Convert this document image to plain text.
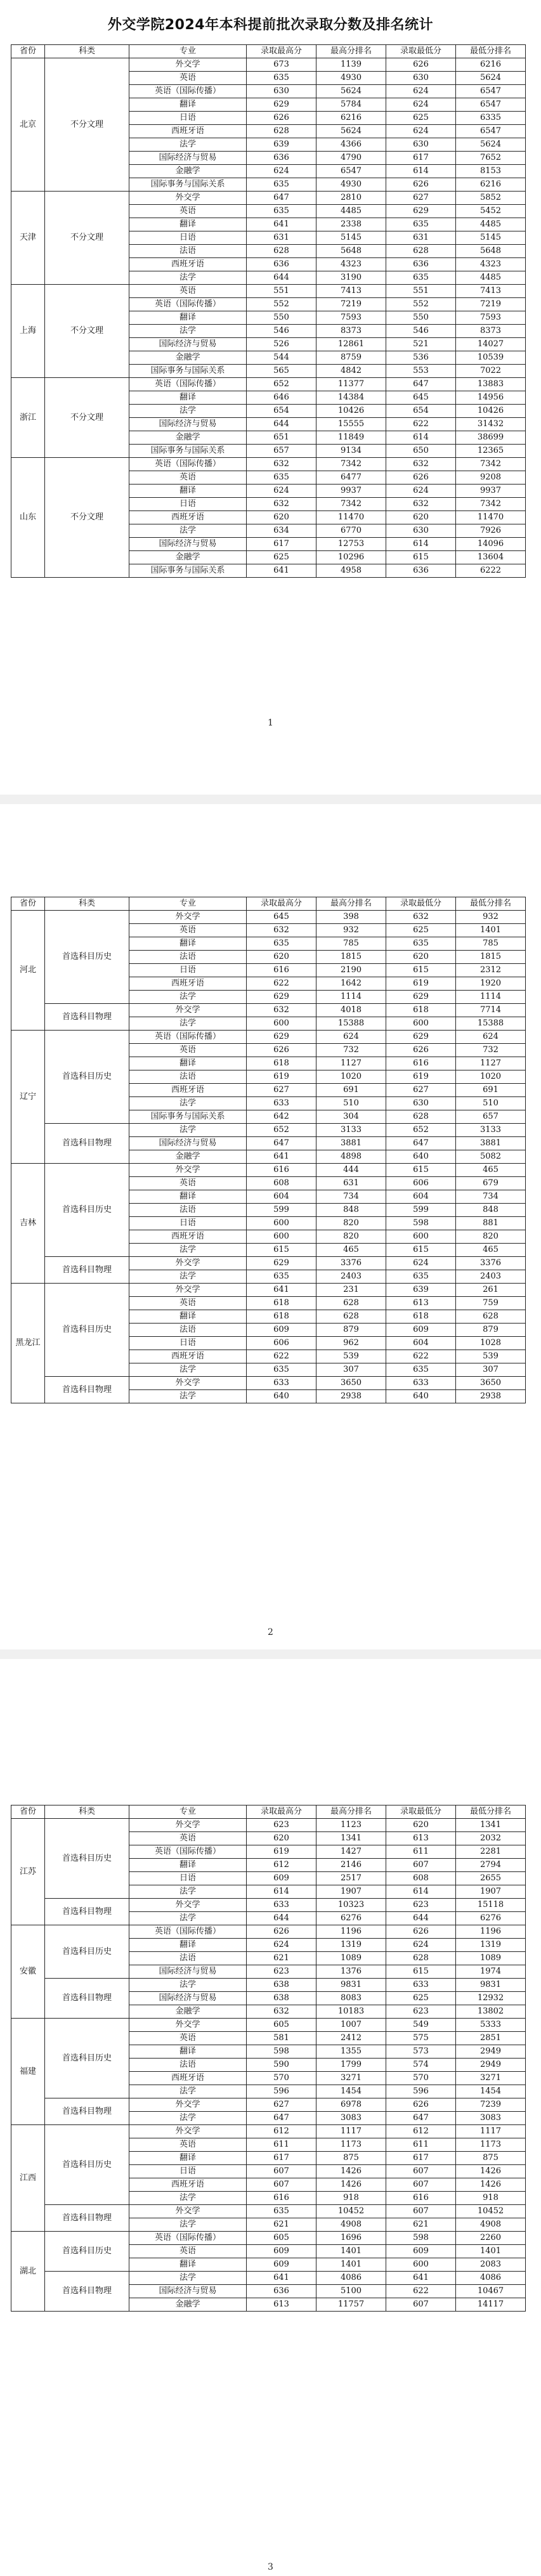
外交学院2024年本科提前批次录取分数及排名统计
省份	科类	专业	录取最高分	最高分排名	录取最低分	最低分排名
北京	不分文理	外交学	673	1139	626	6216
		英语	635	4930	630	5624
		英语（国际传播）	630	5624	624	6547
		翻译	629	5784	624	6547
		日语	626	6216	625	6335
		西班牙语	628	5624	624	6547
		法学	639	4366	630	5624
		国际经济与贸易	636	4790	617	7652
		金融学	624	6547	614	8153
		国际事务与国际关系	635	4930	626	6216
天津	不分文理	外交学	647	2810	627	5852
		英语	635	4485	629	5452
		翻译	641	2338	635	4485
		日语	631	5145	631	5145
		法语	628	5648	628	5648
		西班牙语	636	4323	636	4323
		法学	644	3190	635	4485
上海	不分文理	英语	551	7413	551	7413
		英语（国际传播）	552	7219	552	7219
		翻译	550	7593	550	7593
		法学	546	8373	546	8373
		国际经济与贸易	526	12861	521	14027
		金融学	544	8759	536	10539
		国际事务与国际关系	565	4842	553	7022
浙江	不分文理	英语（国际传播）	652	11377	647	13883
		翻译	646	14384	645	14956
		法学	654	10426	654	10426
		国际经济与贸易	644	15555	622	31432
		金融学	651	11849	614	38699
		国际事务与国际关系	657	9134	650	12365
山东	不分文理	英语（国际传播）	632	7342	632	7342
		英语	635	6477	626	9208
		翻译	624	9937	624	9937
		日语	632	7342	632	7342
		西班牙语	620	11470	620	11470
		法学	634	6770	630	7926
		国际经济与贸易	617	12753	614	14096
		金融学	625	10296	615	13604
		国际事务与国际关系	641	4958	636	6222
1
省份	科类	专业	录取最高分	最高分排名	录取最低分	最低分排名
河北	首选科目历史	外交学	645	398	632	932
		英语	632	932	625	1401
		翻译	635	785	635	785
		法语	620	1815	620	1815
		日语	616	2190	615	2312
		西班牙语	622	1642	619	1920
		法学	629	1114	629	1114
	首选科目物理	外交学	632	4018	618	7714
		法学	600	15388	600	15388
辽宁	首选科目历史	英语（国际传播）	629	624	629	624
		英语	626	732	626	732
		翻译	618	1127	616	1127
		法语	619	1020	619	1020
		西班牙语	627	691	627	691
		法学	633	510	630	510
		国际事务与国际关系	642	304	628	657
	首选科目物理	法学	652	3133	652	3133
		国际经济与贸易	647	3881	647	3881
		金融学	641	4898	640	5082
吉林	首选科目历史	外交学	616	444	615	465
		英语	608	631	606	679
		翻译	604	734	604	734
		法语	599	848	599	848
		日语	600	820	598	881
		西班牙语	600	820	600	820
		法学	615	465	615	465
	首选科目物理	外交学	629	3376	624	3376
		法学	635	2403	635	2403
黑龙江	首选科目历史	外交学	641	231	639	261
		英语	618	628	613	759
		翻译	618	628	618	628
		法语	609	879	609	879
		日语	606	962	604	1028
		西班牙语	622	539	622	539
		法学	635	307	635	307
	首选科目物理	外交学	633	3650	633	3650
		法学	640	2938	640	2938
2
省份	科类	专业	录取最高分	最高分排名	录取最低分	最低分排名
江苏	首选科目历史	外交学	623	1123	620	1341
		英语	620	1341	613	2032
		英语（国际传播）	619	1427	611	2281
		翻译	612	2146	607	2794
		日语	609	2517	608	2655
		法学	614	1907	614	1907
	首选科目物理	外交学	633	10323	623	15118
		法学	644	6276	644	6276
安徽	首选科目历史	英语（国际传播）	626	1196	626	1196
		翻译	624	1319	624	1319
		法语	621	1089	628	1089
		国际经济与贸易	623	1376	615	1974
	首选科目物理	法学	638	9831	633	9831
		国际经济与贸易	638	8083	625	12932
		金融学	632	10183	623	13802
福建	首选科目历史	外交学	605	1007	549	5333
		英语	581	2412	575	2851
		翻译	598	1355	573	2949
		法语	590	1799	574	2949
		西班牙语	570	3271	570	3271
		法学	596	1454	596	1454
	首选科目物理	外交学	627	6978	626	7239
		法学	647	3083	647	3083
江西	首选科目历史	外交学	612	1117	612	1117
		英语	611	1173	611	1173
		翻译	617	875	617	875
		日语	607	1426	607	1426
		西班牙语	607	1426	607	1426
		法学	616	918	616	918
	首选科目物理	外交学	635	10452	607	10452
		法学	621	4908	621	4908
湖北	首选科目历史	英语（国际传播）	605	1696	598	2260
		英语	609	1401	609	1401
		翻译	609	1401	600	2083
	首选科目物理	法学	641	4086	641	4086
		国际经济与贸易	636	5100	622	10467
		金融学	613	11757	607	14117
3
